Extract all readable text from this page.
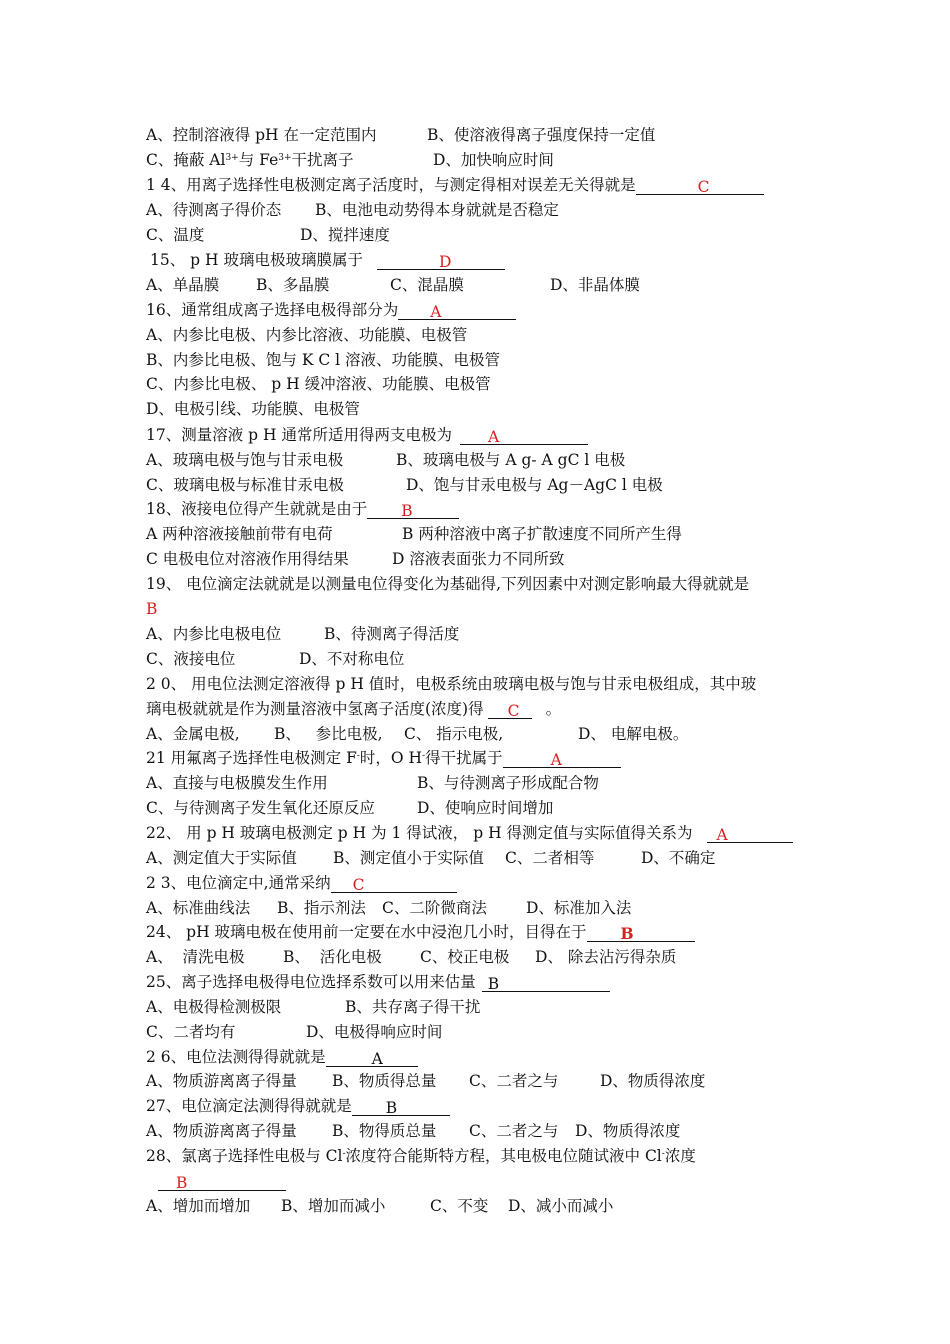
A、控制溶液得 pH 在一定范围内	B、使溶液得离子强度保持一定值
C、掩蔽 $Al^{3+}$与 $Fe^{3+}$干扰离子	D、加快响应时间
1 4、用离子选择性电极测定离子活度时，与测定得相对误差无关得就是	C
A、待测离子得价态 B、电池电动势得本身就就是否稳定
C、温度	D、搅拌速度
15、 p H 玻璃电极玻璃膜属于	D
A、单晶膜 B、多晶膜	C、混晶膜	D、非晶体膜
16、通常组成离子选择电极得部分为 A
A、内参比电极、内参比溶液、功能膜、电极管
B、内参比电极、饱与 K C l 溶液、功能膜、电极管
C、内参比电极、 p H 缓冲溶液、功能膜、电极管
D、电极引线、功能膜、电极管
17、测量溶液 p H 通常所适用得两支电极为 A
A、玻璃电极与饱与甘汞电极	B、玻璃电极与 A g- A gC l 电极
C、玻璃电极与标准甘汞电极	D、饱与甘汞电极与 Ag－AgC l 电极
18、液接电位得产生就就是由于 B
A 两种溶液接触前带有电荷	B 两种溶液中离子扩散速度不同所产生得
C 电极电位对溶液作用得结果	D 溶液表面张力不同所致
19、 电位滴定法就就是以测量电位得变化为基础得,下列因素中对测定影响最大得就就是
B
A、内参比电极电位	B、待测离子得活度
C、液接电位	D、不对称电位
2 0、 用电位法测定溶液得 p H 值时，电极系统由玻璃电极与饱与甘汞电极组成，其中玻
璃电极就就是作为测量溶液中氢离子活度(浓度)得 C 。
A、金属电极, B、   参比电极, C、 指示电极,	D、 电解电极。
21 用氟离子选择性电极测定 F-时，O H-得干扰属于	A
A、直接与电极膜发生作用	B、与待测离子形成配合物
C、与待测离子发生氧化还原反应	D、使响应时间增加
22、 用 p H 玻璃电极测定 p H 为 1 得试液， p H 得测定值与实际值得关系为 A
A、测定值大于实际值 B、测定值小于实际值 C、二者相等	D、不确定
2 3、电位滴定中,通常采纳 C
A、标准曲线法 B、指示剂法 C、二阶微商法	D、标准加入法
24、 pH 玻璃电极在使用前一定要在水中浸泡几小时，目得在于 B
A、  清洗电极 B、  活化电极 C、校正电极 D、 除去沾污得杂质
25、离子选择电极得电位选择系数可以用来估量 B
A、电极得检测极限	B、共存离子得干扰
C、二者均有	D、电极得响应时间
2 6、电位法测得得就就是	A
A、物质游离离子得量 B、物质得总量 C、二者之与	D、物质得浓度
27、电位滴定法测得得就就是 B
A、物质游离离子得量 B、物得质总量 C、二者之与 D、物质得浓度
28、氯离子选择性电极与 Cl-浓度符合能斯特方程，其电极电位随试液中 Cl-浓度
B
A、增加而增加 B、增加而减小	C、不变 D、减小而减小
